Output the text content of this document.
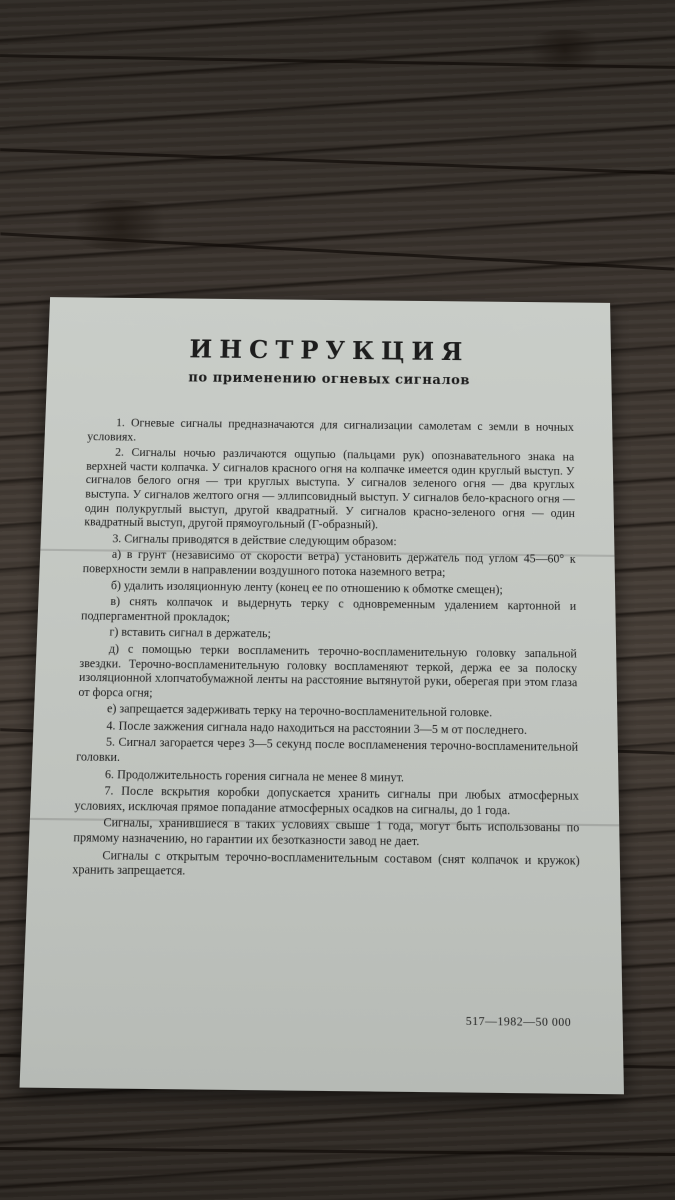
ИНСТРУКЦИЯ
по применению огневых сигналов

1. Огневые сигналы предназначаются для сигнализации самолетам с земли в ночных условиях.

2. Сигналы ночью различаются ощупью (пальцами рук) опознавательного знака на верхней части колпачка. У сигналов красного огня на колпачке имеется один круглый выступ. У сигналов белого огня — три круглых выступа. У сигналов зеленого огня — два круглых выступа. У сигналов желтого огня — эллипсовидный выступ. У сигналов бело-красного огня — один полукруглый выступ, другой квадратный. У сигналов красно-зеленого огня — один квадратный выступ, другой прямоугольный (Г-образный).

3. Сигналы приводятся в действие следующим образом:

а) в грунт (независимо от скорости ветра) установить держатель под углом 45—60° к поверхности земли в направлении воздушного потока наземного ветра;

б) удалить изоляционную ленту (конец ее по отношению к обмотке смещен);

в) снять колпачок и выдернуть терку с одновременным удалением картонной и подпергаментной прокладок;

г) вставить сигнал в держатель;

д) с помощью терки воспламенить терочно-воспламенительную головку запальной звездки. Терочно-воспламенительную головку воспламеняют теркой, держа ее за полоску изоляционной хлопчатобумажной ленты на расстояние вытянутой руки, оберегая при этом глаза от форса огня;

е) запрещается задерживать терку на терочно-воспламенительной головке.

4. После зажжения сигнала надо находиться на расстоянии 3—5 м от последнего.

5. Сигнал загорается через 3—5 секунд после воспламенения терочно-воспламенительной головки.

6. Продолжительность горения сигнала не менее 8 минут.

7. После вскрытия коробки допускается хранить сигналы при любых атмосферных условиях, исключая прямое попадание атмосферных осадков на сигналы, до 1 года.

Сигналы, хранившиеся в таких условиях свыше 1 года, могут быть использованы по прямому назначению, но гарантии их безотказности завод не дает.

Сигналы с открытым терочно-воспламенительным составом (снят колпачок и кружок) хранить запрещается.

517—1982—50 000
